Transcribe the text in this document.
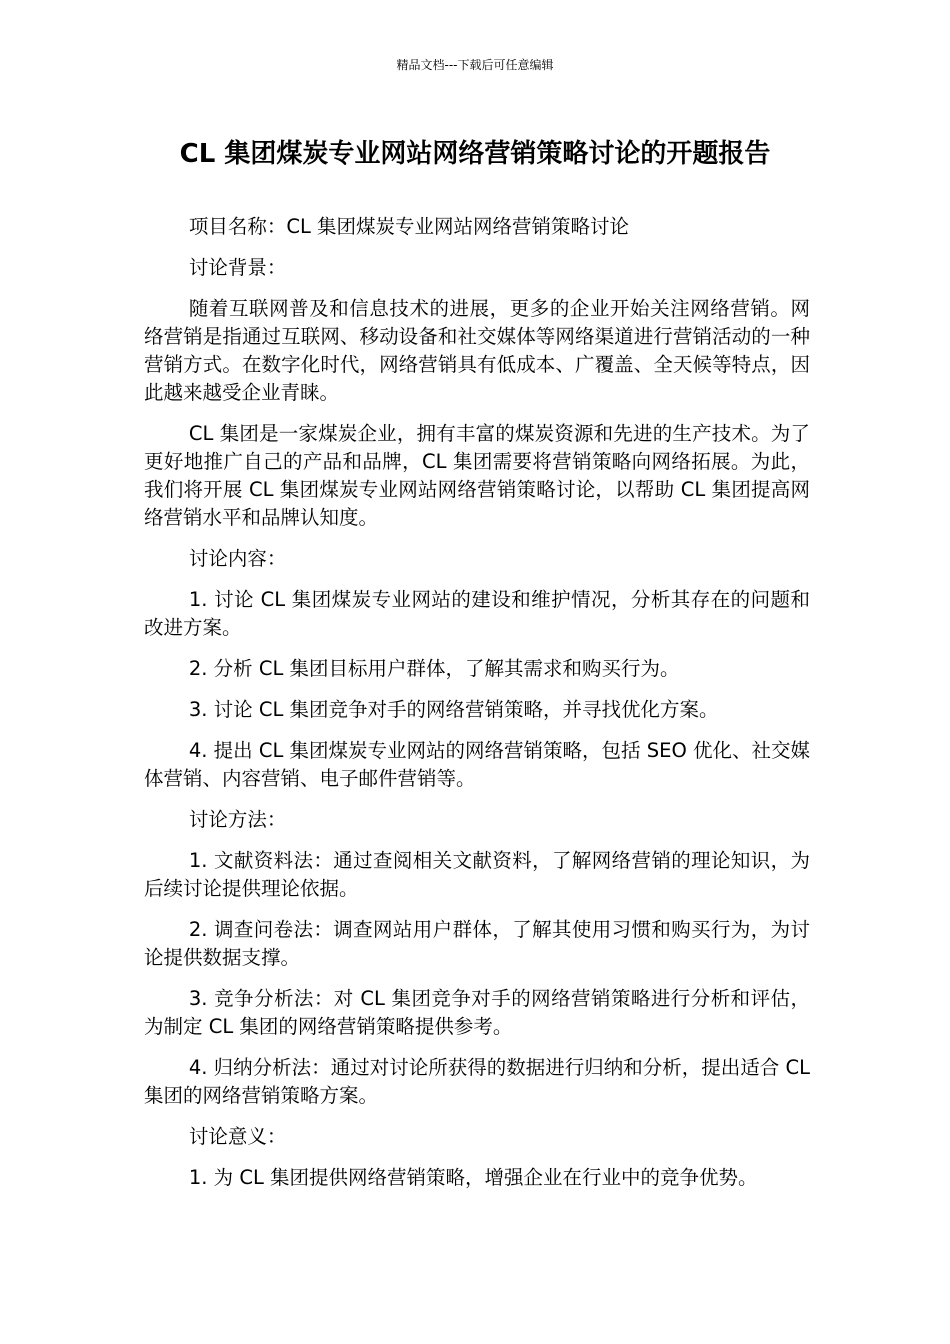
精品文档---下载后可任意编辑
CL 集团煤炭专业网站网络营销策略讨论的开题报告

项目名称：CL 集团煤炭专业网站网络营销策略讨论

讨论背景：

随着互联网普及和信息技术的进展，更多的企业开始关注网络营销。网络营销是指通过互联网、移动设备和社交媒体等网络渠道进行营销活动的一种营销方式。在数字化时代，网络营销具有低成本、广覆盖、全天候等特点，因此越来越受企业青睐。

CL 集团是一家煤炭企业，拥有丰富的煤炭资源和先进的生产技术。为了更好地推广自己的产品和品牌，CL 集团需要将营销策略向网络拓展。为此，我们将开展 CL 集团煤炭专业网站网络营销策略讨论，以帮助 CL 集团提高网络营销水平和品牌认知度。

讨论内容：

1. 讨论 CL 集团煤炭专业网站的建设和维护情况，分析其存在的问题和改进方案。

2. 分析 CL 集团目标用户群体，了解其需求和购买行为。

3. 讨论 CL 集团竞争对手的网络营销策略，并寻找优化方案。

4. 提出 CL 集团煤炭专业网站的网络营销策略，包括 SEO 优化、社交媒体营销、内容营销、电子邮件营销等。

讨论方法：

1. 文献资料法：通过查阅相关文献资料，了解网络营销的理论知识，为后续讨论提供理论依据。

2. 调查问卷法：调查网站用户群体，了解其使用习惯和购买行为，为讨论提供数据支撑。

3. 竞争分析法：对 CL 集团竞争对手的网络营销策略进行分析和评估，为制定 CL 集团的网络营销策略提供参考。

4. 归纳分析法：通过对讨论所获得的数据进行归纳和分析，提出适合 CL 集团的网络营销策略方案。

讨论意义：

1. 为 CL 集团提供网络营销策略，增强企业在行业中的竞争优势。
